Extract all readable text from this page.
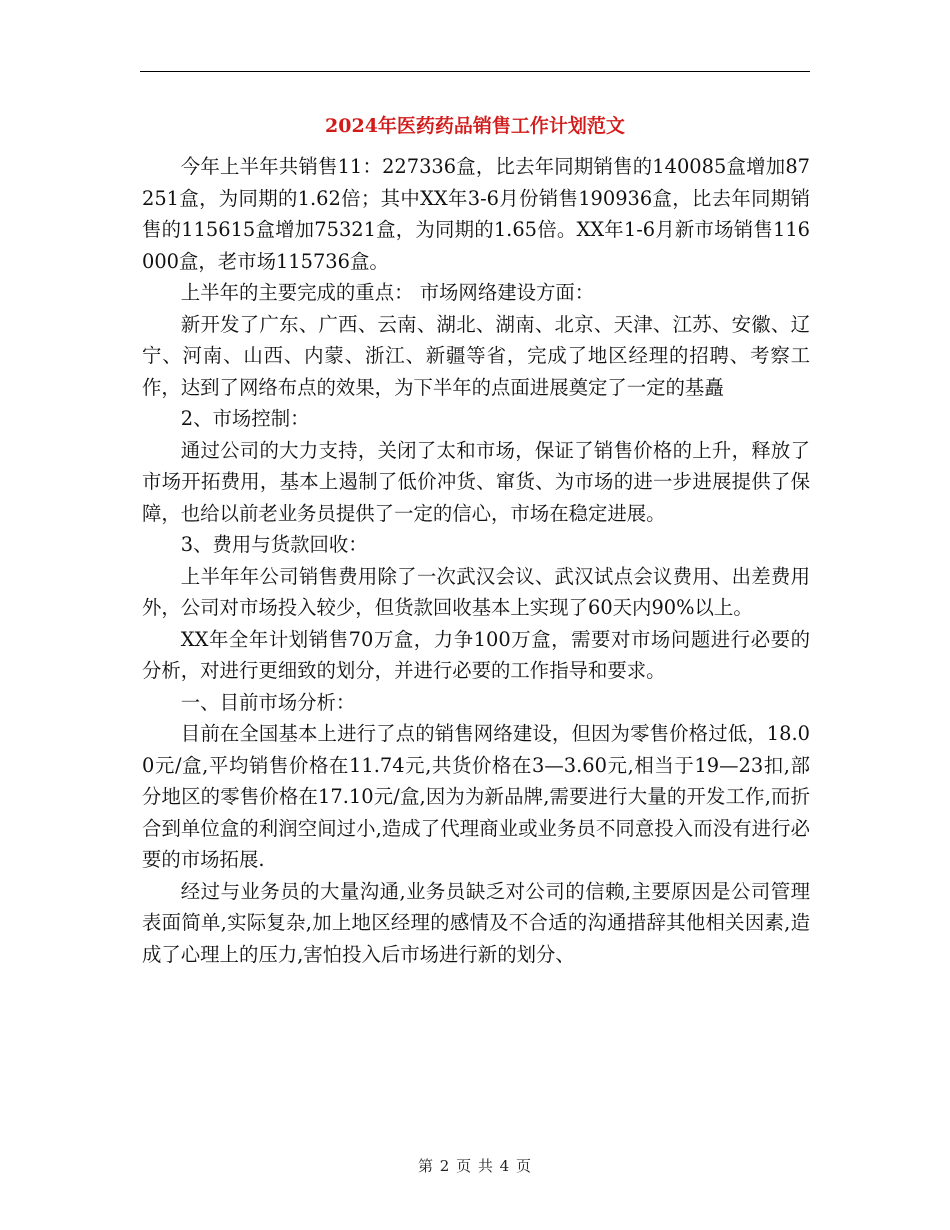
2024年医药药品销售工作计划范文

今年上半年共销售11：227336盒，比去年同期销售的140085盒增加87251盒，为同期的1.62倍；其中XX年3-6月份销售190936盒，比去年同期销售的115615盒增加75321盒，为同期的1.65倍。XX年1-6月新市场销售116000盒，老市场115736盒。

上半年的主要完成的重点： 市场网络建设方面：

新开发了广东、广西、云南、湖北、湖南、北京、天津、江苏、安徽、辽宁、河南、山西、内蒙、浙江、新疆等省，完成了地区经理的招聘、考察工作，达到了网络布点的效果，为下半年的点面进展奠定了一定的基矗

2、市场控制：

通过公司的大力支持，关闭了太和市场，保证了销售价格的上升，释放了市场开拓费用，基本上遏制了低价冲货、窜货、为市场的进一步进展提供了保障，也给以前老业务员提供了一定的信心，市场在稳定进展。

3、费用与货款回收：

上半年年公司销售费用除了一次武汉会议、武汉试点会议费用、出差费用外，公司对市场投入较少，但货款回收基本上实现了60天内90%以上。

XX年全年计划销售70万盒，力争100万盒，需要对市场问题进行必要的分析，对进行更细致的划分，并进行必要的工作指导和要求。

一、目前市场分析：

目前在全国基本上进行了点的销售网络建设，但因为零售价格过低，18.00元/盒,平均销售价格在11.74元,共货价格在3—3.60元,相当于19—23扣,部分地区的零售价格在17.10元/盒,因为为新品牌,需要进行大量的开发工作,而折合到单位盒的利润空间过小,造成了代理商业或业务员不同意投入而没有进行必要的市场拓展.

经过与业务员的大量沟通,业务员缺乏对公司的信赖,主要原因是公司管理表面简单,实际复杂,加上地区经理的感情及不合适的沟通措辞其他相关因素,造成了心理上的压力,害怕投入后市场进行新的划分、

第 2 页 共 4 页
